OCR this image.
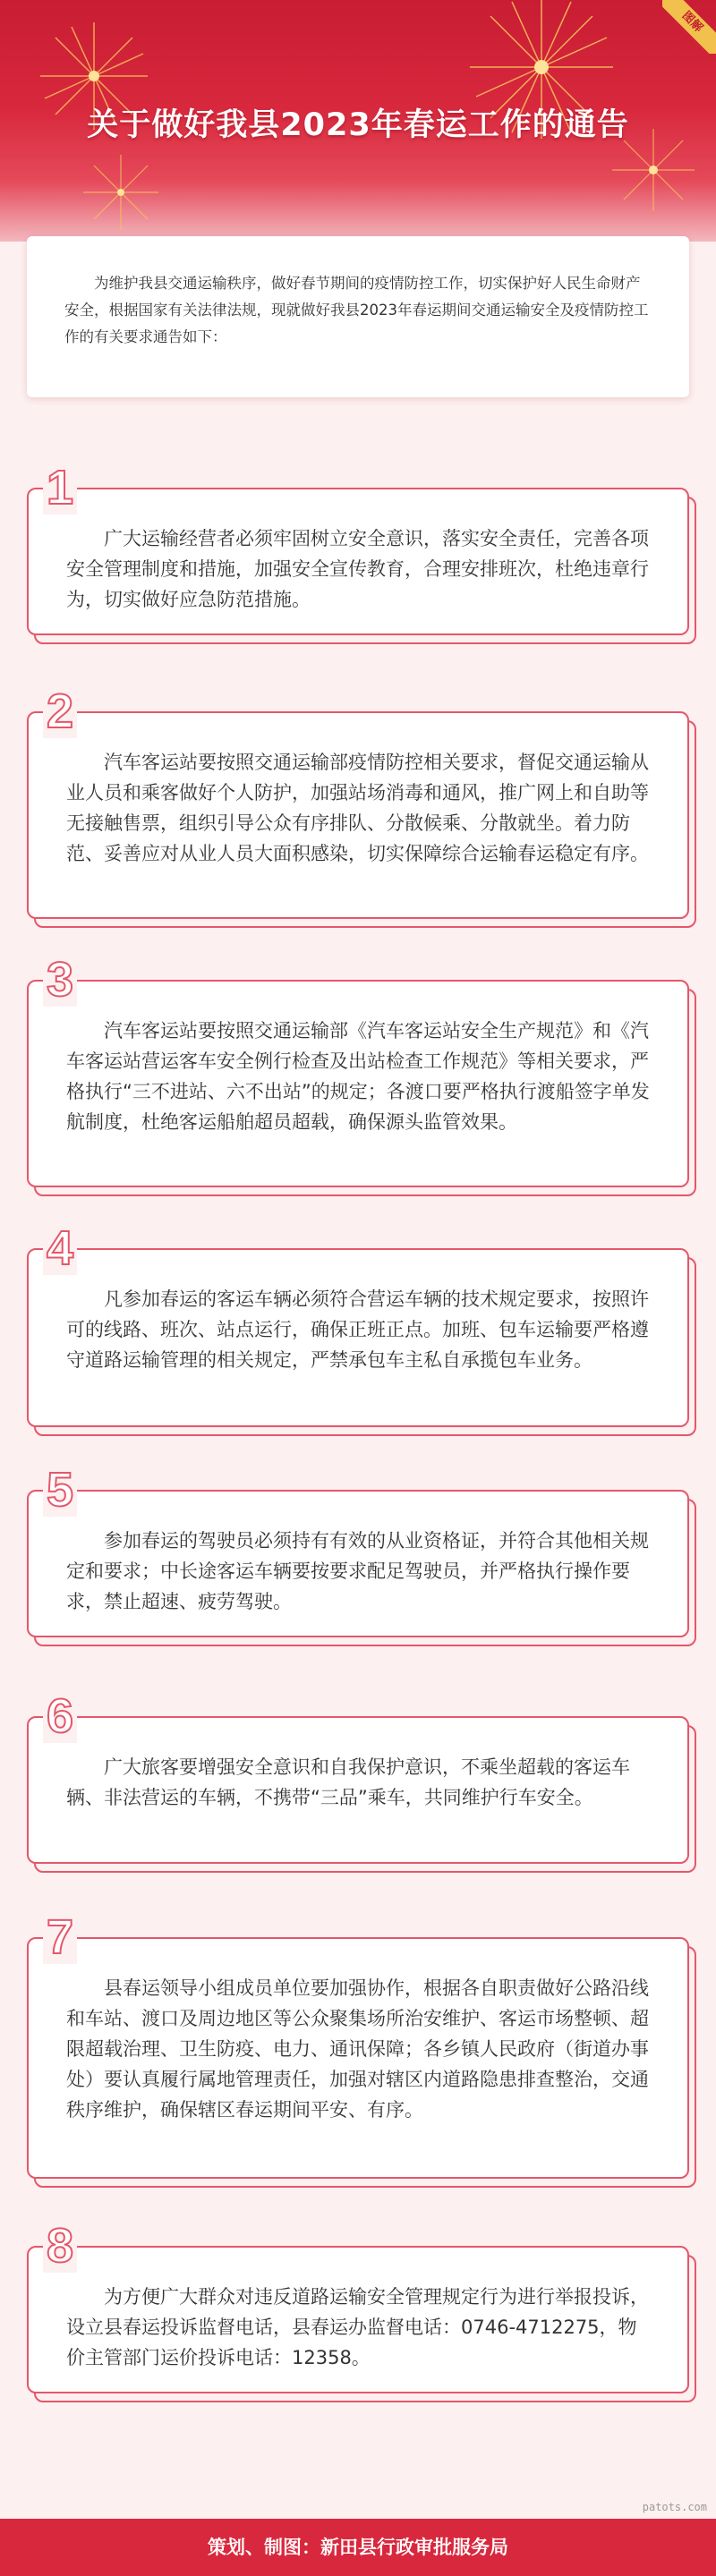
图解
关于做好我县2023年春运工作的通告
为维护我县交通运输秩序，做好春节期间的疫情防控工作，切实保护好人民生命财产安全，根据国家有关法律法规，现就做好我县2023年春运期间交通运输安全及疫情防控工作的有关要求通告如下：
1
广大运输经营者必须牢固树立安全意识，落实安全责任，完善各项安全管理制度和措施，加强安全宣传教育，合理安排班次，杜绝违章行为，切实做好应急防范措施。
2
汽车客运站要按照交通运输部疫情防控相关要求，督促交通运输从业人员和乘客做好个人防护，加强站场消毒和通风，推广网上和自助等无接触售票，组织引导公众有序排队、分散候乘、分散就坐。着力防范、妥善应对从业人员大面积感染，切实保障综合运输春运稳定有序。
3
汽车客运站要按照交通运输部《汽车客运站安全生产规范》和《汽车客运站营运客车安全例行检查及出站检查工作规范》等相关要求，严格执行“三不进站、六不出站”的规定；各渡口要严格执行渡船签字单发航制度，杜绝客运船舶超员超载，确保源头监管效果。
4
凡参加春运的客运车辆必须符合营运车辆的技术规定要求，按照许可的线路、班次、站点运行，确保正班正点。加班、包车运输要严格遵守道路运输管理的相关规定，严禁承包车主私自承揽包车业务。
5
参加春运的驾驶员必须持有有效的从业资格证，并符合其他相关规定和要求；中长途客运车辆要按要求配足驾驶员，并严格执行操作要求，禁止超速、疲劳驾驶。
6
广大旅客要增强安全意识和自我保护意识，不乘坐超载的客运车辆、非法营运的车辆，不携带“三品”乘车，共同维护行车安全。
7
县春运领导小组成员单位要加强协作，根据各自职责做好公路沿线和车站、渡口及周边地区等公众聚集场所治安维护、客运市场整顿、超限超载治理、卫生防疫、电力、通讯保障；各乡镇人民政府（街道办事处）要认真履行属地管理责任，加强对辖区内道路隐患排查整治，交通秩序维护，确保辖区春运期间平安、有序。
8
为方便广大群众对违反道路运输安全管理规定行为进行举报投诉，设立县春运投诉监督电话，县春运办监督电话：0746-4712275，物价主管部门运价投诉电话：12358。
patots.com
策划、制图：新田县行政审批服务局
